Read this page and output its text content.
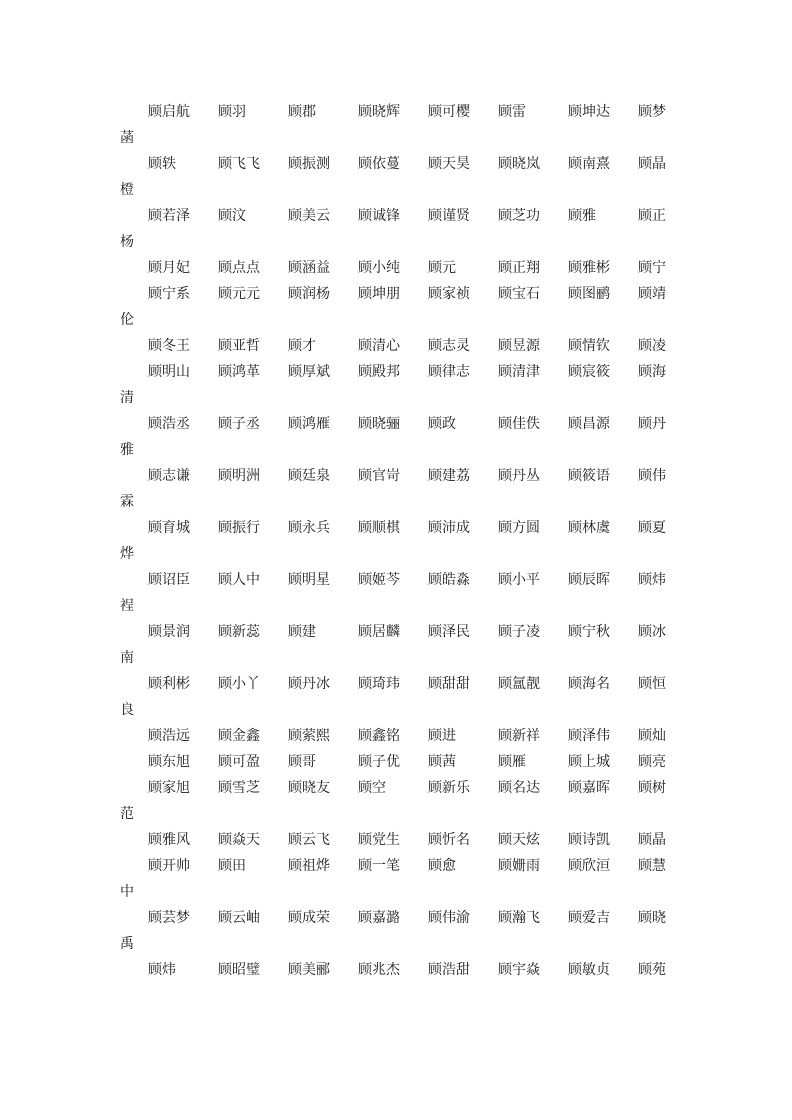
顾启航 顾羽	顾郡	顾晓辉 顾可樱 顾雷	顾坤达 顾梦
菡
顾轶	顾飞飞 顾振测 顾依蔓 顾天昊 顾晓岚 顾南熹 顾晶
橙
顾若泽 顾汶	顾美云 顾诚锋 顾谨贤 顾芝功 顾雅	顾正
杨
顾月妃 顾点点 顾涵益 顾小纯 顾元	顾正翔 顾雅彬 顾宁
顾宁系 顾元元 顾润杨 顾坤朋 顾家祯 顾宝石 顾图鹂 顾靖
伦
顾冬王 顾亚哲 顾才	顾清心 顾志灵 顾昱源 顾情钦 顾凌
顾明山 顾鸿革 顾厚斌 顾殿邦 顾律志 顾清津 顾宸筱 顾海
清
顾浩丞 顾子丞 顾鸿雁 顾晓骊 顾政	顾佳佚 顾昌源 顾丹
雅
顾志谦 顾明洲 顾廷泉 顾官岢 顾建荔 顾丹丛 顾筱语 顾伟
霖
顾育城 顾振行 顾永兵 顾顺棋 顾沛成 顾方圆 顾林虞 顾夏
烨
顾诏臣 顾人中 顾明星 顾姬芩 顾皓淼 顾小平 顾辰晖 顾炜
裎
顾景润 顾新蕊 顾建	顾居麟 顾泽民 顾子凌 顾宁秋 顾冰
南
顾利彬 顾小丫 顾丹冰 顾琦玮 顾甜甜 顾氲靓 顾海名 顾恒
良
顾浩远 顾金鑫 顾萦熙 顾鑫铭 顾进	顾新祥 顾泽伟 顾灿
顾东旭 顾可盈 顾哥	顾子优 顾茜	顾雁	顾上城 顾亮
顾家旭 顾雪芝 顾晓友 顾空	顾新乐 顾名达 顾嘉晖 顾树
范
顾雅风 顾焱天 顾云飞 顾党生 顾忻名 顾天炫 顾诗凯 顾晶
顾开帅 顾田	顾祖烨 顾一笔 顾愈	顾姗雨 顾欣洹 顾慧
中
顾芸梦 顾云岫 顾成荣 顾嘉潞 顾伟渝 顾瀚飞 顾爱吉 顾晓
禹
顾炜	顾昭璧 顾美郦 顾兆杰 顾浩甜 顾宇焱 顾敏贞 顾苑
